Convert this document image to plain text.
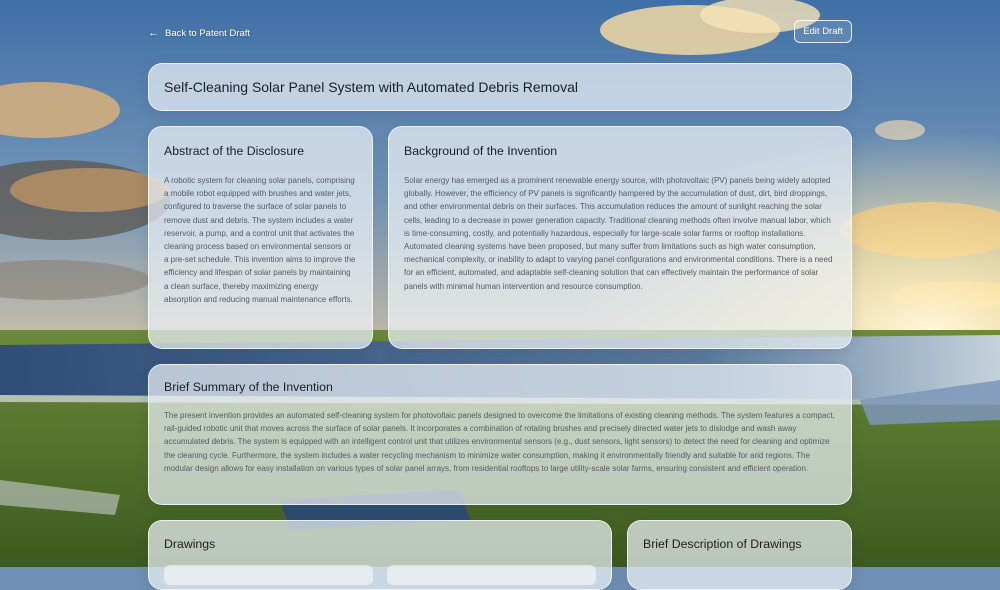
← Back to Patent Draft	Edit Draft
Self-Cleaning Solar Panel System with Automated Debris Removal
Abstract of the Disclosure

A robotic system for cleaning solar panels, comprising a mobile robot equipped with brushes and water jets, configured to traverse the surface of solar panels to remove dust and debris. The system includes a water reservoir, a pump, and a control unit that activates the cleaning process based on environmental sensors or a pre-set schedule. This invention aims to improve the efficiency and lifespan of solar panels by maintaining a clean surface, thereby maximizing energy absorption and reducing manual maintenance efforts.

Background of the Invention

Solar energy has emerged as a prominent renewable energy source, with photovoltaic (PV) panels being widely adopted globally. However, the efficiency of PV panels is significantly hampered by the accumulation of dust, dirt, bird droppings, and other environmental debris on their surfaces. This accumulation reduces the amount of sunlight reaching the solar cells, leading to a decrease in power generation capacity. Traditional cleaning methods often involve manual labor, which is time-consuming, costly, and potentially hazardous, especially for large-scale solar farms or rooftop installations. Automated cleaning systems have been proposed, but many suffer from limitations such as high water consumption, mechanical complexity, or inability to adapt to varying panel configurations and environmental conditions. There is a need for an efficient, automated, and adaptable self-cleaning solution that can effectively maintain the performance of solar panels with minimal human intervention and resource consumption.

Brief Summary of the Invention

The present invention provides an automated self-cleaning system for photovoltaic panels designed to overcome the limitations of existing cleaning methods. The system features a compact, rail-guided robotic unit that moves across the surface of solar panels. It incorporates a combination of rotating brushes and precisely directed water jets to dislodge and wash away accumulated debris. The system is equipped with an intelligent control unit that utilizes environmental sensors (e.g., dust sensors, light sensors) to detect the need for cleaning and optimize the cleaning cycle. Furthermore, the system includes a water recycling mechanism to minimize water consumption, making it environmentally friendly and suitable for arid regions. The modular design allows for easy installation on various types of solar panel arrays, from residential rooftops to large utility-scale solar farms, ensuring consistent and efficient operation.

Drawings	Brief Description of Drawings
